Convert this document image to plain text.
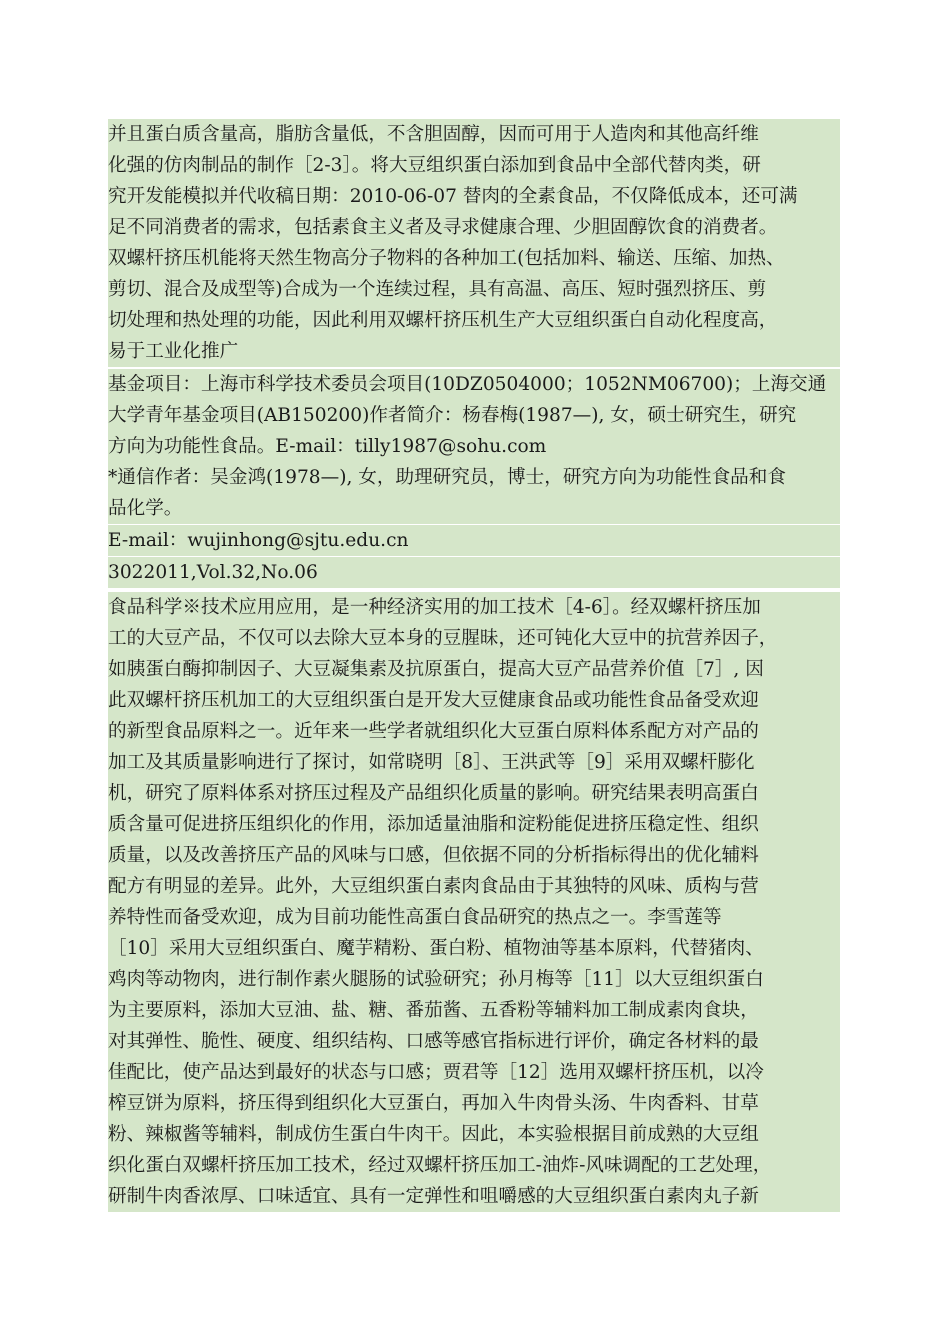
并且蛋白质含量高，脂肪含量低，不含胆固醇，因而可用于人造肉和其他高纤维
化强的仿肉制品的制作［2-3］。将大豆组织蛋白添加到食品中全部代替肉类，研
究开发能模拟并代收稿日期：2010-06-07 替肉的全素食品，不仅降低成本，还可满
足不同消费者的需求，包括素食主义者及寻求健康合理、少胆固醇饮食的消费者。
双螺杆挤压机能将天然生物高分子物料的各种加工(包括加料、输送、压缩、加热、
剪切、混合及成型等)合成为一个连续过程，具有高温、高压、短时强烈挤压、剪
切处理和热处理的功能，因此利用双螺杆挤压机生产大豆组织蛋白自动化程度高，
易于工业化推广
基金项目：上海市科学技术委员会项目(10DZ0504000；1052NM06700)；上海交通
大学青年基金项目(AB150200)作者简介：杨春梅(1987—), 女，硕士研究生，研究
方向为功能性食品。E-mail：tilly1987@sohu.com
*通信作者：吴金鸿(1978—), 女，助理研究员，博士，研究方向为功能性食品和食
品化学。
E-mail：wujinhong@sjtu.edu.cn
3022011,Vol.32,No.06
食品科学※技术应用应用，是一种经济实用的加工技术［4-6］。经双螺杆挤压加
工的大豆产品，不仅可以去除大豆本身的豆腥昧，还可钝化大豆中的抗营养因子，
如胰蛋白酶抑制因子、大豆凝集素及抗原蛋白，提高大豆产品营养价值［7］, 因
此双螺杆挤压机加工的大豆组织蛋白是开发大豆健康食品或功能性食品备受欢迎
的新型食品原料之一。近年来一些学者就组织化大豆蛋白原料体系配方对产品的
加工及其质量影响进行了探讨，如常晓明［8］、王洪武等［9］采用双螺杆膨化
机，研究了原料体系对挤压过程及产品组织化质量的影响。研究结果表明高蛋白
质含量可促进挤压组织化的作用，添加适量油脂和淀粉能促进挤压稳定性、组织
质量，以及改善挤压产品的风味与口感，但依据不同的分析指标得出的优化辅料
配方有明显的差异。此外，大豆组织蛋白素肉食品由于其独特的风味、质构与营
养特性而备受欢迎，成为目前功能性高蛋白食品研究的热点之一。李雪莲等
［10］采用大豆组织蛋白、魔芋精粉、蛋白粉、植物油等基本原料，代替猪肉、
鸡肉等动物肉，进行制作素火腿肠的试验研究；孙月梅等［11］以大豆组织蛋白
为主要原料，添加大豆油、盐、糖、番茄酱、五香粉等辅料加工制成素肉食块，
对其弹性、脆性、硬度、组织结构、口感等感官指标进行评价，确定各材料的最
佳配比，使产品达到最好的状态与口感；贾君等［12］选用双螺杆挤压机，以冷
榨豆饼为原料，挤压得到组织化大豆蛋白，再加入牛肉骨头汤、牛肉香料、甘草
粉、辣椒酱等辅料，制成仿生蛋白牛肉干。因此，本实验根据目前成熟的大豆组
织化蛋白双螺杆挤压加工技术，经过双螺杆挤压加工-油炸-风味调配的工艺处理，
研制牛肉香浓厚、口味适宜、具有一定弹性和咀嚼感的大豆组织蛋白素肉丸子新
